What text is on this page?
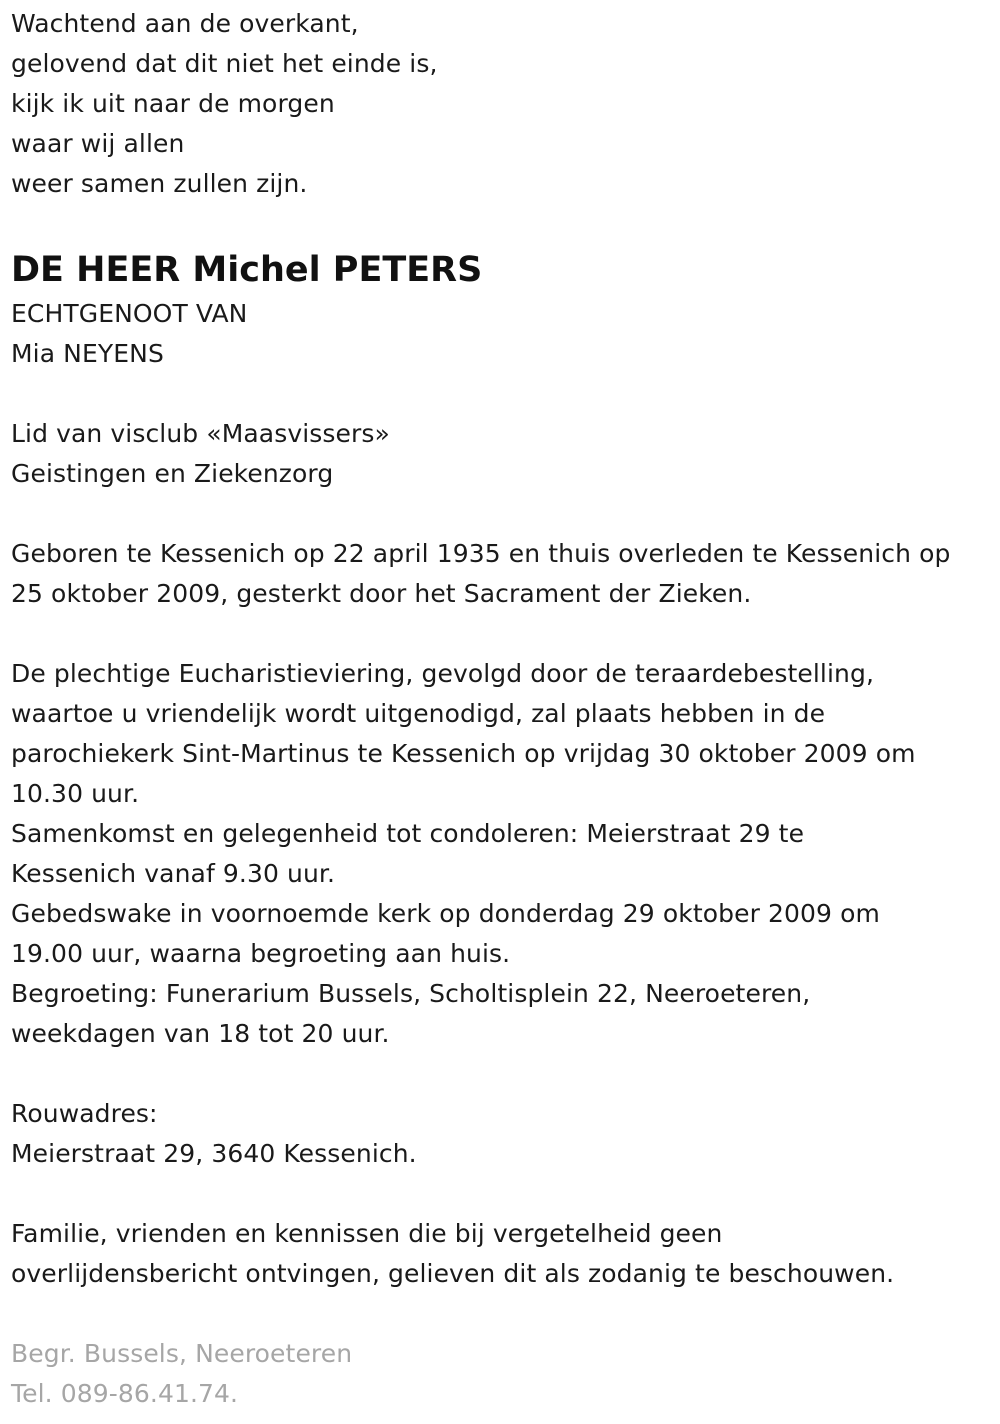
Wachtend aan de overkant,
gelovend dat dit niet het einde is,
kijk ik uit naar de morgen
waar wij allen
weer samen zullen zijn.
DE HEER Michel PETERS
ECHTGENOOT VAN
Mia NEYENS
Lid van visclub «Maasvissers»
Geistingen en Ziekenzorg
Geboren te Kessenich op 22 april 1935 en thuis overleden te Kessenich op
25 oktober 2009, gesterkt door het Sacrament der Zieken.
De plechtige Eucharistieviering, gevolgd door de teraardebestelling,
waartoe u vriendelijk wordt uitgenodigd, zal plaats hebben in de
parochiekerk Sint-Martinus te Kessenich op vrijdag 30 oktober 2009 om
10.30 uur.
Samenkomst en gelegenheid tot condoleren: Meierstraat 29 te
Kessenich vanaf 9.30 uur.
Gebedswake in voornoemde kerk op donderdag 29 oktober 2009 om
19.00 uur, waarna begroeting aan huis.
Begroeting: Funerarium Bussels, Scholtisplein 22, Neeroeteren,
weekdagen van 18 tot 20 uur.
Rouwadres:
Meierstraat 29, 3640 Kessenich.
Familie, vrienden en kennissen die bij vergetelheid geen
overlijdensbericht ontvingen, gelieven dit als zodanig te beschouwen.
Begr. Bussels, Neeroeteren
Tel. 089-86.41.74.
